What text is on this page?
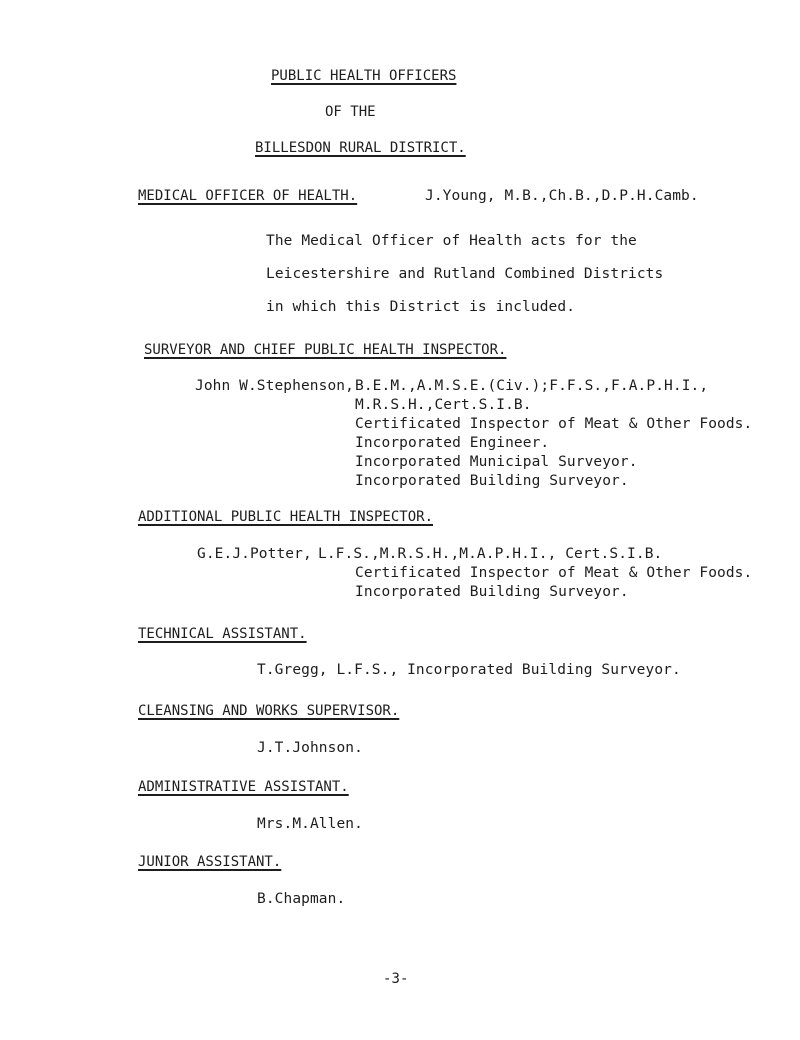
PUBLIC HEALTH OFFICERS
OF THE
BILLESDON RURAL DISTRICT.
MEDICAL OFFICER OF HEALTH.	J.Young, M.B.,Ch.B.,D.P.H.Camb.
The Medical Officer of Health acts for the
Leicestershire and Rutland Combined Districts
in which this District is included.
SURVEYOR AND CHIEF PUBLIC HEALTH INSPECTOR.
John W.Stephenson, B.E.M.,A.M.S.E.(Civ.);F.F.S.,F.A.P.H.I.,
M.R.S.H.,Cert.S.I.B.
Certificated Inspector of Meat & Other Foods.
Incorporated Engineer.
Incorporated Municipal Surveyor.
Incorporated Building Surveyor.
ADDITIONAL PUBLIC HEALTH INSPECTOR.
G.E.J.Potter, L.F.S.,M.R.S.H.,M.A.P.H.I., Cert.S.I.B.
Certificated Inspector of Meat & Other Foods.
Incorporated Building Surveyor.
TECHNICAL ASSISTANT.
T.Gregg, L.F.S., Incorporated Building Surveyor.
CLEANSING AND WORKS SUPERVISOR.
J.T.Johnson.
ADMINISTRATIVE ASSISTANT.
Mrs.M.Allen.
JUNIOR ASSISTANT.
B.Chapman.
-3-
